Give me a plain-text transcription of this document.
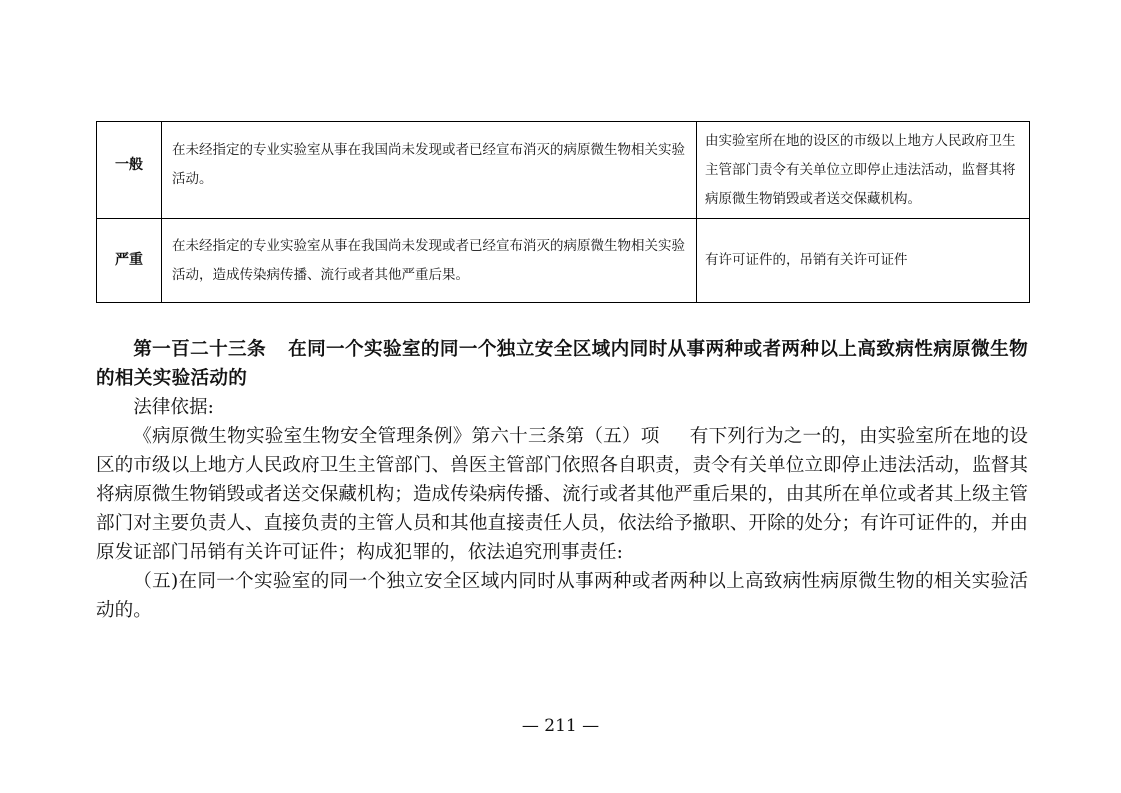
一般	在未经指定的专业实验室从事在我国尚未发现或者已经宣布消灭的病原微生物相关实验活动。	由实验室所在地的设区的市级以上地方人民政府卫生主管部门责令有关单位立即停止违法活动，监督其将病原微生物销毁或者送交保藏机构。
严重	在未经指定的专业实验室从事在我国尚未发现或者已经宣布消灭的病原微生物相关实验活动，造成传染病传播、流行或者其他严重后果。	有许可证件的，吊销有关许可证件

第一百二十三条 在同一个实验室的同一个独立安全区域内同时从事两种或者两种以上高致病性病原微生物的相关实验活动的

法律依据:

《病原微生物实验室生物安全管理条例》第六十三条第（五）项 有下列行为之一的，由实验室所在地的设区的市级以上地方人民政府卫生主管部门、兽医主管部门依照各自职责，责令有关单位立即停止违法活动，监督其将病原微生物销毁或者送交保藏机构；造成传染病传播、流行或者其他严重后果的，由其所在单位或者其上级主管部门对主要负责人、直接负责的主管人员和其他直接责任人员，依法给予撤职、开除的处分；有许可证件的，并由原发证部门吊销有关许可证件；构成犯罪的，依法追究刑事责任:

（五)在同一个实验室的同一个独立安全区域内同时从事两种或者两种以上高致病性病原微生物的相关实验活动的。

— 211 —
